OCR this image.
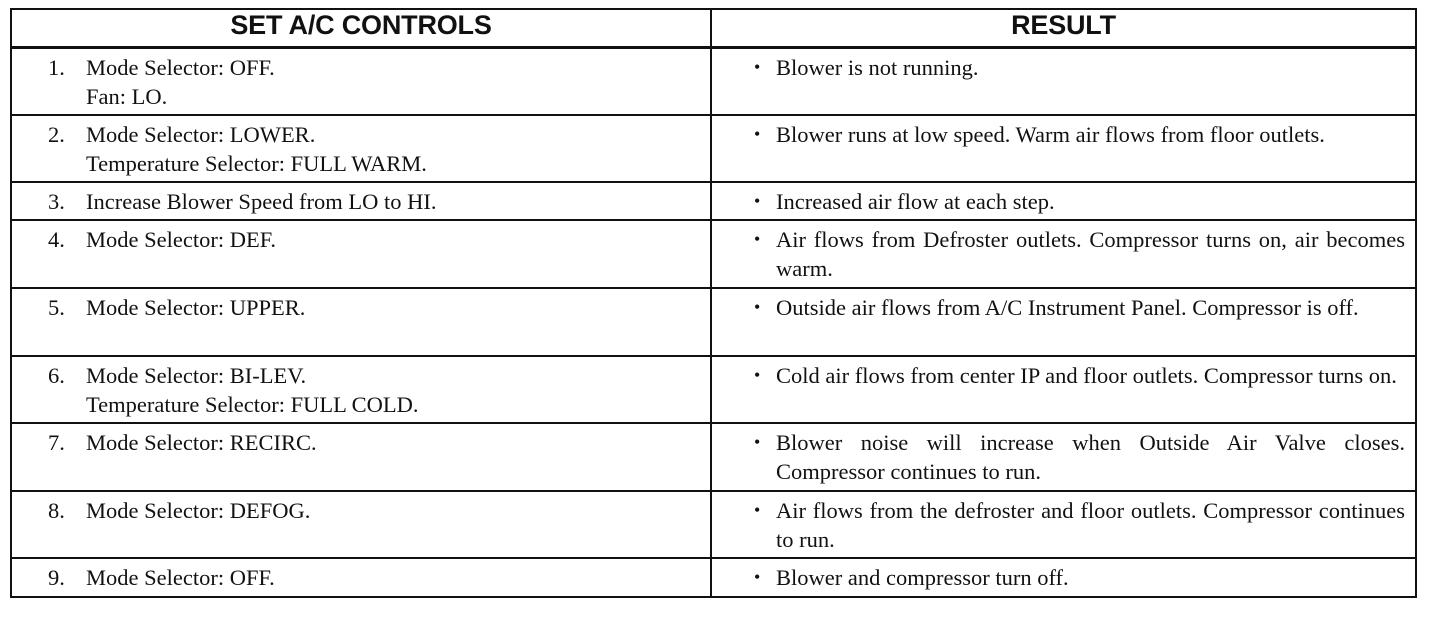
SET A/C CONTROLS	RESULT

1. Mode Selector: OFF.
Fan: LO.	• Blower is not running.

2. Mode Selector: LOWER.
Temperature Selector: FULL WARM.	• Blower runs at low speed. Warm air flows from floor outlets.

3. Increase Blower Speed from LO to HI.	• Increased air flow at each step.

4. Mode Selector: DEF.	• Air flows from Defroster outlets. Compressor turns on, air becomes warm.

5. Mode Selector: UPPER.	• Outside air flows from A/C Instrument Panel. Compressor is off.

6. Mode Selector: BI-LEV.
Temperature Selector: FULL COLD.	• Cold air flows from center IP and floor outlets. Compressor turns on.

7. Mode Selector: RECIRC.	• Blower noise will increase when Outside Air Valve closes. Compressor continues to run.

8. Mode Selector: DEFOG.	• Air flows from the defroster and floor outlets. Compressor continues to run.

9. Mode Selector: OFF.	• Blower and compressor turn off.
